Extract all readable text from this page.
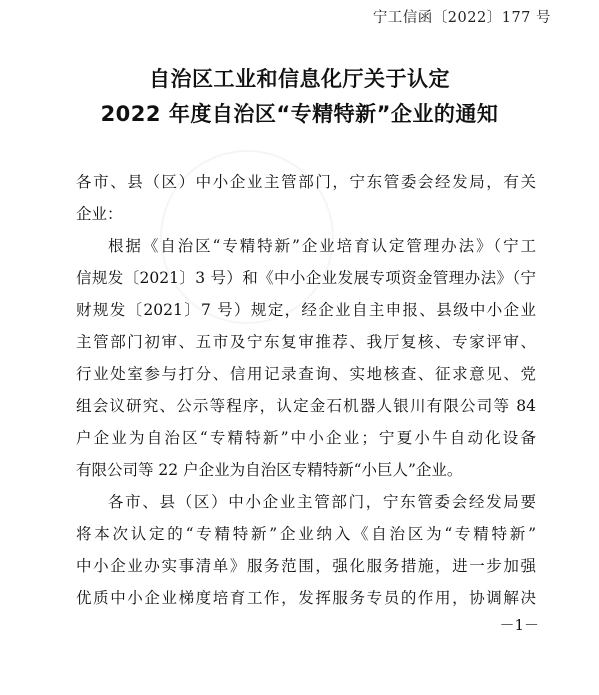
宁工信函〔2022〕177 号
自治区工业和信息化厅关于认定
2022 年度自治区“专精特新”企业的通知
各市、县（区）中小企业主管部门，宁东管委会经发局，有关
企业：
根据《自治区“专精特新”企业培育认定管理办法》（宁工
信规发〔2021〕3 号）和《中小企业发展专项资金管理办法》（宁
财规发〔2021〕7 号）规定，经企业自主申报、县级中小企业
主管部门初审、五市及宁东复审推荐、我厅复核、专家评审、
行业处室参与打分、信用记录查询、实地核查、征求意见、党
组会议研究、公示等程序，认定金石机器人银川有限公司等 84
户企业为自治区“专精特新”中小企业；宁夏小牛自动化设备
有限公司等 22 户企业为自治区专精特新“小巨人”企业。
各市、县（区）中小企业主管部门，宁东管委会经发局要
将本次认定的“专精特新”企业纳入《自治区为“专精特新”
中小企业办实事清单》服务范围，强化服务措施，进一步加强
优质中小企业梯度培育工作，发挥服务专员的作用，协调解决
－1－
